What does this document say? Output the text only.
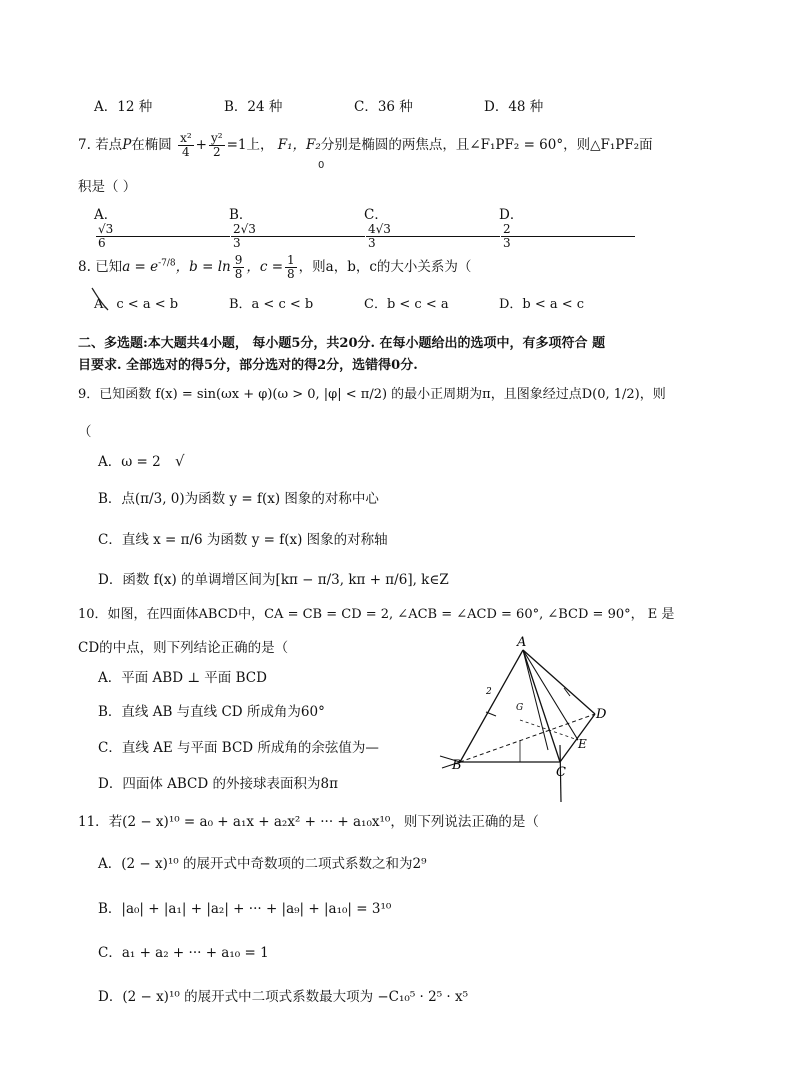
A．12 种	B．24 种	C．36 种	D．48 种
7. 若点P在椭圆 $\frac{\text{x²}}{4} + \frac{\text{y²}}{2} =1$上， F₁，F₂分别是椭圆的两焦点，且∠F₁PF₂ = 60°，则△F₁PF₂面
0
积是（ ）
A．$\frac{√3}{6}$
B．$\frac{2√3}{3}$
C．$\frac{4√3}{3}$
D．$\frac{2}{3}$
8. 已知$a = e^{-7/8}$，$b = \ln \frac{9}{8}$ ，$c = \frac{1}{8}$ ，则a，b，c的大小关系为（
A．c < a < b	B．a < c < b	C．b < c < a	D．b < a < c
二、多选题:本大题共4小题， 每小题5分，共20分. 在每小题给出的选项中，有多项符合 题
目要求. 全部选对的得5分，部分选对的得2分，选错得0分.
9．已知函数 f(x) = sin(ωx + φ)(ω > 0, |φ| < π/2) 的最小正周期为π，且图象经过点D(0, 1/2)，则
（
A．ω = 2 √
B．点(π/3, 0)为函数 y = f(x) 图象的对称中心
C．直线 x = π/6 为函数 y = f(x) 图象的对称轴
D．函数 f(x) 的单调增区间为[kπ − π/3, kπ + π/6], k∈Z
10．如图，在四面体ABCD中，CA = CB = CD = 2, ∠ACB = ∠ACD = 60°, ∠BCD = 90°， E 是
CD的中点，则下列结论正确的是（
A．平面 ABD ⊥ 平面 BCD
B．直线 AB 与直线 CD 所成角为60°
C．直线 AE 与平面 BCD 所成角的余弦值为—
D．四面体 ABCD 的外接球表面积为8π
A
B	C
D
E
G
2
11．若(2 − x)¹⁰ = a₀ + a₁x + a₂x² + ··· + a₁₀x¹⁰，则下列说法正确的是（
A．(2 − x)¹⁰ 的展开式中奇数项的二项式系数之和为2⁹
B．|a₀| + |a₁| + |a₂| + ··· + |a₉| + |a₁₀| = 3¹⁰
C．a₁ + a₂ + ··· + a₁₀ = 1
D．(2 − x)¹⁰ 的展开式中二项式系数最大项为 −C₁₀⁵ · 2⁵ · x⁵
